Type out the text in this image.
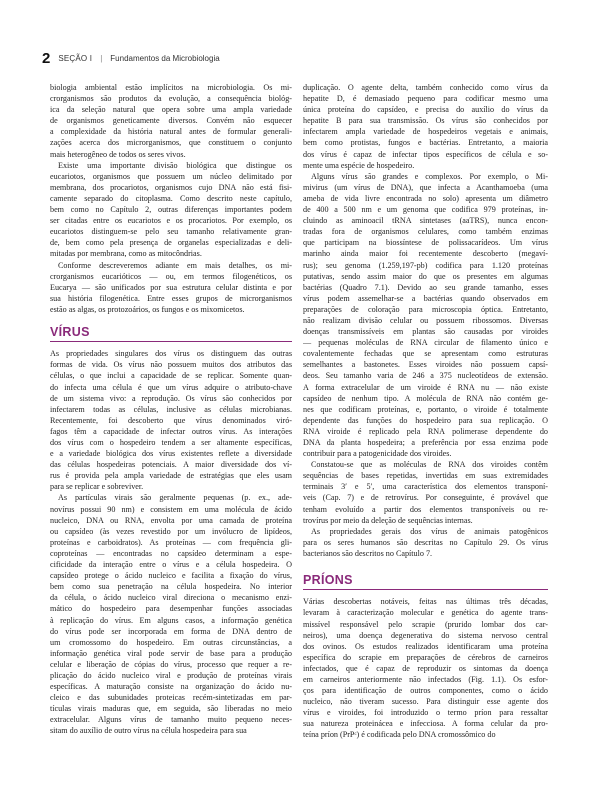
2 SEÇÃO I | Fundamentos da Microbiologia

biologia ambiental estão implícitos na microbiologia. Os mi-
crorganismos são produtos da evolução, a consequência biológ-
ica da seleção natural que opera sobre uma ampla variedade
de organismos geneticamente diversos. Convém não esquecer
a complexidade da história natural antes de formular generali-
zações acerca dos microrganismos, que constituem o conjunto
mais heterogêneo de todos os seres vivos.

Existe uma importante divisão biológica que distingue os
eucariotos, organismos que possuem um núcleo delimitado por
membrana, dos procariotos, organismos cujo DNA não está fisi-
camente separado do citoplasma. Como descrito neste capítulo,
bem como no Capítulo 2, outras diferenças importantes podem
ser citadas entre os eucariotos e os procariotos. Por exemplo, os
eucariotos distinguem-se pelo seu tamanho relativamente gran-
de, bem como pela presença de organelas especializadas e deli-
mitadas por membrana, como as mitocôndrias.

Conforme descreveremos adiante em mais detalhes, os mi-
crorganismos eucarióticos — ou, em termos filogenéticos, os
Eucarya — são unificados por sua estrutura celular distinta e por
sua história filogenética. Entre esses grupos de microrganismos
estão as algas, os protozoários, os fungos e os mixomicetos.

VÍRUS

As propriedades singulares dos vírus os distinguem das outras
formas de vida. Os vírus não possuem muitos dos atributos das
células, o que inclui a capacidade de se replicar. Somente quan-
do infecta uma célula é que um vírus adquire o atributo-chave
de um sistema vivo: a reprodução. Os vírus são conhecidos por
infectarem todas as células, inclusive as células microbianas.
Recentemente, foi descoberto que vírus denominados viró-
fagos têm a capacidade de infectar outros vírus. As interações
dos vírus com o hospedeiro tendem a ser altamente específicas,
e a variedade biológica dos vírus existentes reflete a diversidade
das células hospedeiras potenciais. A maior diversidade dos ví-
rus é provida pela ampla variedade de estratégias que eles usam
para se replicar e sobreviver.

As partículas virais são geralmente pequenas (p. ex., ade-
novírus possui 90 nm) e consistem em uma molécula de ácido
nucleico, DNA ou RNA, envolta por uma camada de proteína
ou capsídeo (às vezes revestido por um invólucro de lipídeos,
proteínas e carboidratos). As proteínas — com frequência gli-
coproteínas — encontradas no capsídeo determinam a espe-
cificidade da interação entre o vírus e a célula hospedeira. O
capsídeo protege o ácido nucleico e facilita a fixação do vírus,
bem como sua penetração na célula hospedeira. No interior
da célula, o ácido nucleico viral direciona o mecanismo enzi-
mático do hospedeiro para desempenhar funções associadas
à replicação do vírus. Em alguns casos, a informação genética
do vírus pode ser incorporada em forma de DNA dentro de
um cromossomo do hospedeiro. Em outras circunstâncias, a
informação genética viral pode servir de base para a produção
celular e liberação de cópias do vírus, processo que requer a re-
plicação do ácido nucleico viral e produção de proteínas virais
específicas. A maturação consiste na organização do ácido nu-
cleico e das subunidades proteicas recém-sintetizadas em par-
tículas virais maduras que, em seguida, são liberadas no meio
extracelular. Alguns vírus de tamanho muito pequeno neces-
sitam do auxílio de outro vírus na célula hospedeira para sua

duplicação. O agente delta, também conhecido como vírus da
hepatite D, é demasiado pequeno para codificar mesmo uma
única proteína do capsídeo, e precisa do auxílio do vírus da
hepatite B para sua transmissão. Os vírus são conhecidos por
infectarem ampla variedade de hospedeiros vegetais e animais,
bem como protistas, fungos e bactérias. Entretanto, a maioria
dos vírus é capaz de infectar tipos específicos de célula e so-
mente uma espécie de hospedeiro.

Alguns vírus são grandes e complexos. Por exemplo, o Mi-
mivirus (um vírus de DNA), que infecta a Acanthamoeba (uma
ameba de vida livre encontrada no solo) apresenta um diâmetro
de 400 a 500 nm e um genoma que codifica 979 proteínas, in-
cluindo as aminoacil tRNA sintetases (aaTRS), nunca encon-
tradas fora de organismos celulares, como também enzimas
que participam na biossíntese de polissacarídeos. Um vírus
marinho ainda maior foi recentemente descoberto (megaví-
rus); seu genoma (1.259,197-pb) codifica para 1.120 proteínas
putativas, sendo assim maior do que os presentes em algumas
bactérias (Quadro 7.1). Devido ao seu grande tamanho, esses
vírus podem assemelhar-se a bactérias quando observados em
preparações de coloração para microscopia óptica. Entretanto,
não realizam divisão celular ou possuem ribossomos. Diversas
doenças transmissíveis em plantas são causadas por viroides
— pequenas moléculas de RNA circular de filamento único e
covalentemente fechadas que se apresentam como estruturas
semelhantes a bastonetes. Esses viroides não possuem capsí-
deos. Seu tamanho varia de 246 a 375 nucleotídeos de extensão.
A forma extracelular de um viroide é RNA nu — não existe
capsídeo de nenhum tipo. A molécula de RNA não contém ge-
nes que codificam proteínas, e, portanto, o viroide é totalmente
dependente das funções do hospedeiro para sua replicação. O
RNA viroide é replicado pela RNA polimerase dependente do
DNA da planta hospedeira; a preferência por essa enzima pode
contribuir para a patogenicidade dos viroides.

Constatou-se que as moléculas de RNA dos viroides contêm
sequências de bases repetidas, invertidas em suas extremidades
terminais 3′ e 5′, uma característica dos elementos transponí-
veis (Cap. 7) e de retrovírus. Por conseguinte, é provável que
tenham evoluído a partir dos elementos transponíveis ou re-
trovírus por meio da deleção de sequências internas.

As propriedades gerais dos vírus de animais patogênicos
para os seres humanos são descritas no Capítulo 29. Os vírus
bacterianos são descritos no Capítulo 7.

PRÍONS

Várias descobertas notáveis, feitas nas últimas três décadas,
levaram à caracterização molecular e genética do agente trans-
missível responsável pelo scrapie (prurido lombar dos car-
neiros), uma doença degenerativa do sistema nervoso central
dos ovinos. Os estudos realizados identificaram uma proteína
específica do scrapie em preparações de cérebros de carneiros
infectados, que é capaz de reproduzir os sintomas da doença
em carneiros anteriormente não infectados (Fig. 1.1). Os esfor-
ços para identificação de outros componentes, como o ácido
nucleico, não tiveram sucesso. Para distinguir esse agente dos
vírus e viroides, foi introduzido o termo príon para ressaltar
sua natureza proteinácea e infecciosa. A forma celular da pro-
teína príon (PrPᶜ) é codificada pelo DNA cromossômico do
